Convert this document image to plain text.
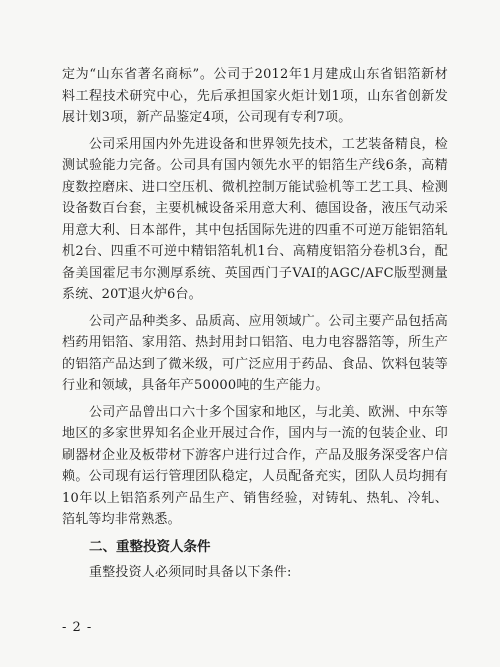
定为“山东省著名商标”。公司于2012年1月建成山东省铝箔新材料工程技术研究中心，先后承担国家火炬计划1项，山东省创新发展计划3项，新产品鉴定4项，公司现有专利7项。

公司采用国内外先进设备和世界领先技术，工艺装备精良，检测试验能力完备。公司具有国内领先水平的铝箔生产线6条，高精度数控磨床、进口空压机、微机控制万能试验机等工艺工具、检测设备数百台套，主要机械设备采用意大利、德国设备，液压气动采用意大利、日本部件，其中包括国际先进的四重不可逆万能铝箔轧机2台、四重不可逆中精铝箔轧机1台、高精度铝箔分卷机3台，配备美国霍尼韦尔测厚系统、英国西门子VAI的AGC/AFC版型测量系统、20T退火炉6台。

公司产品种类多、品质高、应用领域广。公司主要产品包括高档药用铝箔、家用箔、热封用封口铝箔、电力电容器箔等，所生产的铝箔产品达到了微米级，可广泛应用于药品、食品、饮料包装等行业和领域，具备年产50000吨的生产能力。

公司产品曾出口六十多个国家和地区，与北美、欧洲、中东等地区的多家世界知名企业开展过合作，国内与一流的包装企业、印刷器材企业及板带材下游客户进行过合作，产品及服务深受客户信赖。公司现有运行管理团队稳定，人员配备充实，团队人员均拥有10年以上铝箔系列产品生产、销售经验，对铸轧、热轧、冷轧、箔轧等均非常熟悉。

二、重整投资人条件

重整投资人必须同时具备以下条件:

- 2 -
